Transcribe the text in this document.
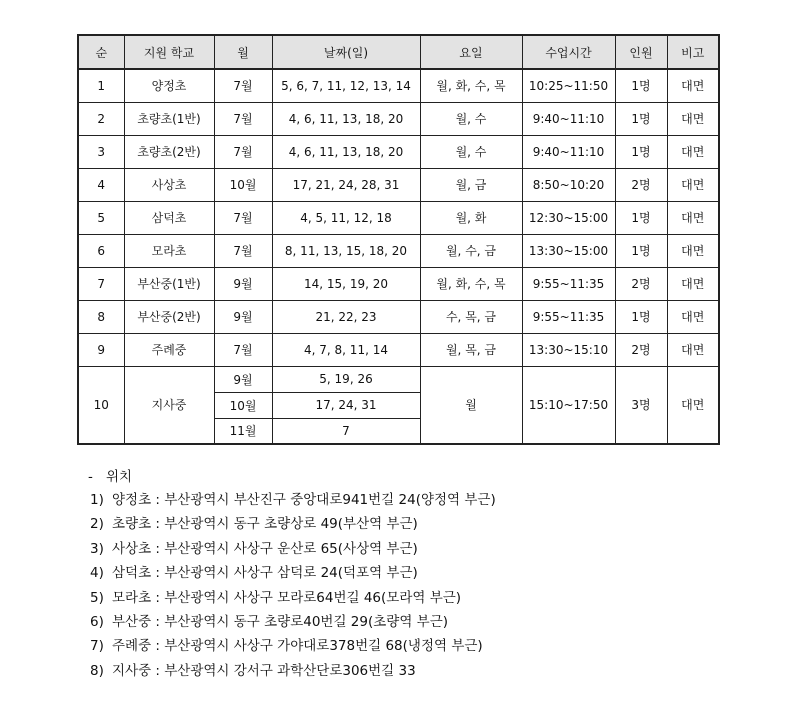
순	지원 학교	월	날짜(일)	요일	수업시간	인원	비고
1	양정초	7월	5, 6, 7, 11, 12, 13, 14	월, 화, 수, 목	10:25~11:50	1명	대면
2	초량초(1반)	7월	4, 6, 11, 13, 18, 20	월, 수	9:40~11:10	1명	대면
3	초량초(2반)	7월	4, 6, 11, 13, 18, 20	월, 수	9:40~11:10	1명	대면
4	사상초	10월	17, 21, 24, 28, 31	월, 금	8:50~10:20	2명	대면
5	삼덕초	7월	4, 5, 11, 12, 18	월, 화	12:30~15:00	1명	대면
6	모라초	7월	8, 11, 13, 15, 18, 20	월, 수, 금	13:30~15:00	1명	대면
7	부산중(1반)	9월	14, 15, 19, 20	월, 화, 수, 목	9:55~11:35	2명	대면
8	부산중(2반)	9월	21, 22, 23	수, 목, 금	9:55~11:35	1명	대면
9	주례중	7월	4, 7, 8, 11, 14	월, 목, 금	13:30~15:10	2명	대면
10	지사중	9월	5, 19, 26	월	15:10~17:50	3명	대면
		10월	17, 24, 31				
		11월	7				
- 위치
1) 양정초 : 부산광역시 부산진구 중앙대로941번길 24(양정역 부근)
2) 초량초 : 부산광역시 동구 초량상로 49(부산역 부근)
3) 사상초 : 부산광역시 사상구 운산로 65(사상역 부근)
4) 삼덕초 : 부산광역시 사상구 삼덕로 24(덕포역 부근)
5) 모라초 : 부산광역시 사상구 모라로64번길 46(모라역 부근)
6) 부산중 : 부산광역시 동구 초량로40번길 29(초량역 부근)
7) 주례중 : 부산광역시 사상구 가야대로378번길 68(냉정역 부근)
8) 지사중 : 부산광역시 강서구 과학산단로306번길 33
